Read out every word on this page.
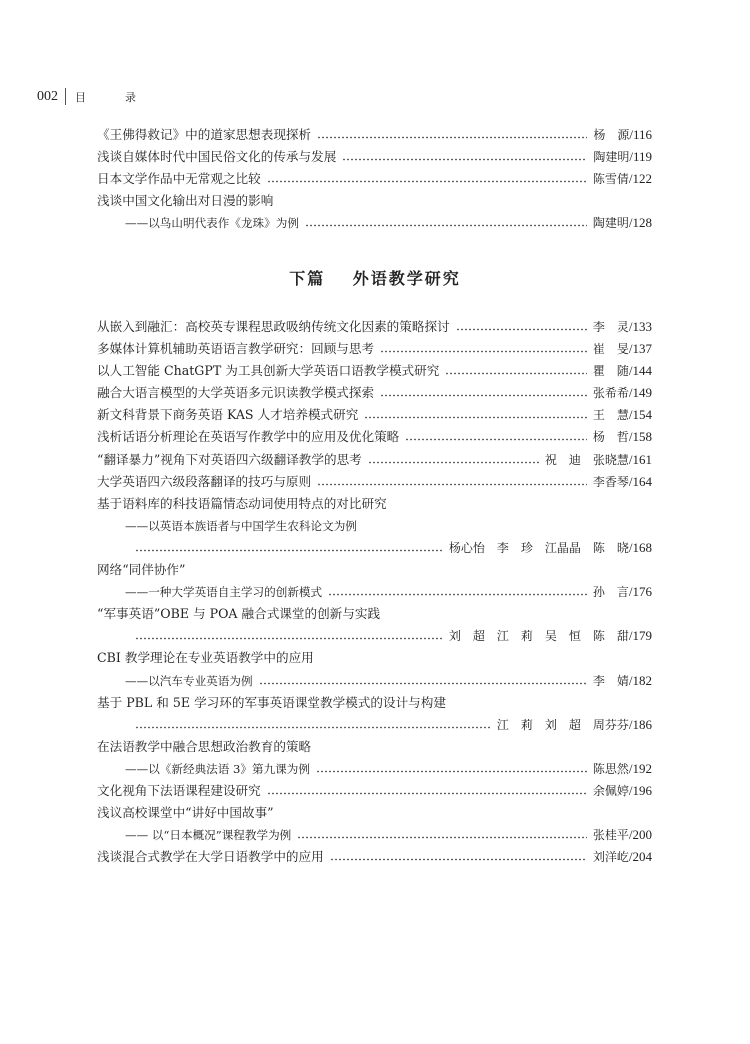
002 目　录
《王佛得救记》中的道家思想表现探析	杨　源 /116
浅谈自媒体时代中国民俗文化的传承与发展	陶建明 /119
日本文学作品中无常观之比较	陈雪倩 /122
浅谈中国文化输出对日漫的影响
——以鸟山明代表作《龙珠》为例	陶建明 /128
下篇 外语教学研究
从嵌入到融汇：高校英专课程思政吸纳传统文化因素的策略探讨	李　灵 /133
多媒体计算机辅助英语语言教学研究：回顾与思考	崔　旻 /137
以人工智能 ChatGPT 为工具创新大学英语口语教学模式研究	瞿　随 /144
融合大语言模型的大学英语多元识读教学模式探索	张希希 /149
新文科背景下商务英语 KAS 人才培养模式研究	王　慧 /154
浅析话语分析理论在英语写作教学中的应用及优化策略	杨　哲 /158
“翻译暴力”视角下对英语四六级翻译教学的思考	祝　迪　张晓慧 /161
大学英语四六级段落翻译的技巧与原则	李香琴 /164
基于语料库的科技语篇情态动词使用特点的对比研究
——以英语本族语者与中国学生农科论文为例
杨心怡　李　珍　江晶晶　陈　晓 /168
网络“同伴协作”
——一种大学英语自主学习的创新模式	孙　言 /176
“军事英语”OBE 与 POA 融合式课堂的创新与实践
刘　超　江　莉　吴　恒　陈　甜 /179
CBI 教学理论在专业英语教学中的应用
——以汽车专业英语为例	李　婧 /182
基于 PBL 和 5E 学习环的军事英语课堂教学模式的设计与构建
江　莉　刘　超　周芬芬 /186
在法语教学中融合思想政治教育的策略
——以《新经典法语 3》第九课为例	陈思然 /192
文化视角下法语课程建设研究	余佩婷 /196
浅议高校课堂中“讲好中国故事”
—— 以“日本概况”课程教学为例	张桂平 /200
浅谈混合式教学在大学日语教学中的应用	刘洋屹 /204
